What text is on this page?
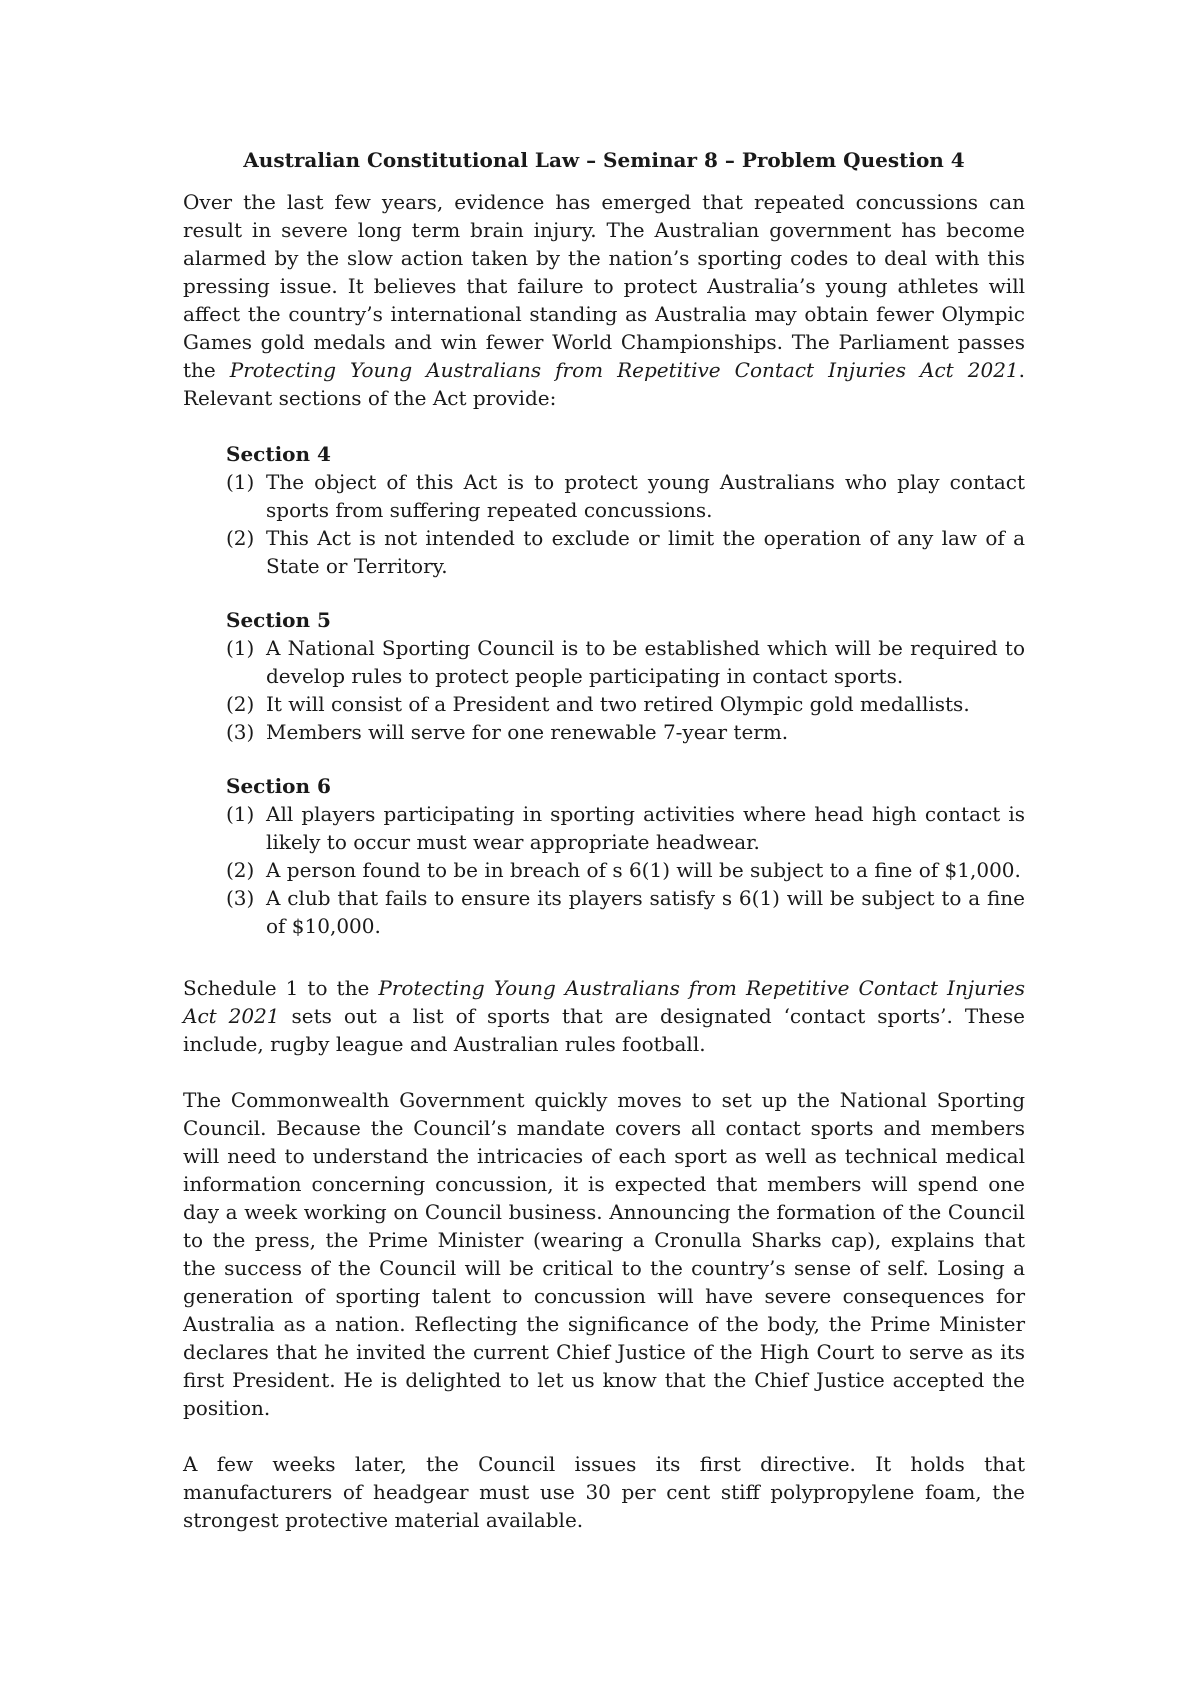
Australian Constitutional Law – Seminar 8 – Problem Question 4

Over the last few years, evidence has emerged that repeated concussions can result in severe long term brain injury. The Australian government has become alarmed by the slow action taken by the nation’s sporting codes to deal with this pressing issue. It believes that failure to protect Australia’s young athletes will affect the country’s international standing as Australia may obtain fewer Olympic Games gold medals and win fewer World Championships. The Parliament passes the Protecting Young Australians from Repetitive Contact Injuries Act 2021. Relevant sections of the Act provide:

Section 4

(1) The object of this Act is to protect young Australians who play contact sports from suffering repeated concussions.
(2) This Act is not intended to exclude or limit the operation of any law of a State or Territory.

Section 5

(1) A National Sporting Council is to be established which will be required to develop rules to protect people participating in contact sports.
(2) It will consist of a President and two retired Olympic gold medallists.
(3) Members will serve for one renewable 7-year term.

Section 6

(1) All players participating in sporting activities where head high contact is likely to occur must wear appropriate headwear.
(2) A person found to be in breach of s 6(1) will be subject to a fine of $1,000.
(3) A club that fails to ensure its players satisfy s 6(1) will be subject to a fine of $10,000.

Schedule 1 to the Protecting Young Australians from Repetitive Contact Injuries Act 2021 sets out a list of sports that are designated ‘contact sports’. These include, rugby league and Australian rules football.

The Commonwealth Government quickly moves to set up the National Sporting Council. Because the Council’s mandate covers all contact sports and members will need to understand the intricacies of each sport as well as technical medical information concerning concussion, it is expected that members will spend one day a week working on Council business. Announcing the formation of the Council to the press, the Prime Minister (wearing a Cronulla Sharks cap), explains that the success of the Council will be critical to the country’s sense of self. Losing a generation of sporting talent to concussion will have severe consequences for Australia as a nation. Reflecting the significance of the body, the Prime Minister declares that he invited the current Chief Justice of the High Court to serve as its first President. He is delighted to let us know that the Chief Justice accepted the position.

A few weeks later, the Council issues its first directive. It holds that manufacturers of headgear must use 30 per cent stiff polypropylene foam, the strongest protective material available.
